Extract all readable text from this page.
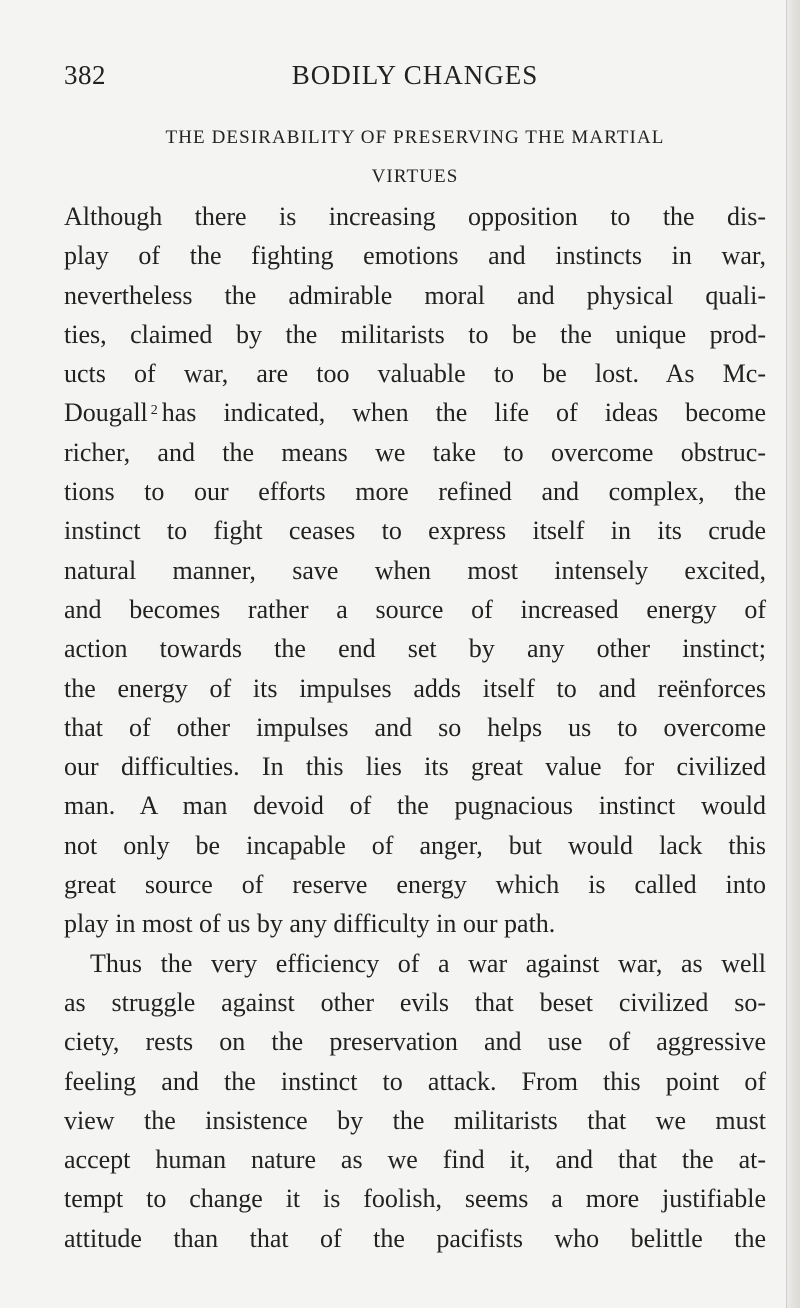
382	BODILY CHANGES
THE DESIRABILITY OF PRESERVING THE MARTIAL
VIRTUES
Although there is increasing opposition to the dis-
play of the fighting emotions and instincts in war,
nevertheless the admirable moral and physical quali-
ties, claimed by the militarists to be the unique prod-
ucts of war, are too valuable to be lost. As Mc-
Dougall $^2$ has indicated, when the life of ideas become
richer, and the means we take to overcome obstruc-
tions to our efforts more refined and complex, the
instinct to fight ceases to express itself in its crude
natural manner, save when most intensely excited,
and becomes rather a source of increased energy of
action towards the end set by any other instinct;
the energy of its impulses adds itself to and reënforces
that of other impulses and so helps us to overcome
our difficulties. In this lies its great value for civilized
man. A man devoid of the pugnacious instinct would
not only be incapable of anger, but would lack this
great source of reserve energy which is called into
play in most of us by any difficulty in our path.
Thus the very efficiency of a war against war, as well
as struggle against other evils that beset civilized so-
ciety, rests on the preservation and use of aggressive
feeling and the instinct to attack. From this point of
view the insistence by the militarists that we must
accept human nature as we find it, and that the at-
tempt to change it is foolish, seems a more justifiable
attitude than that of the pacifists who belittle the
